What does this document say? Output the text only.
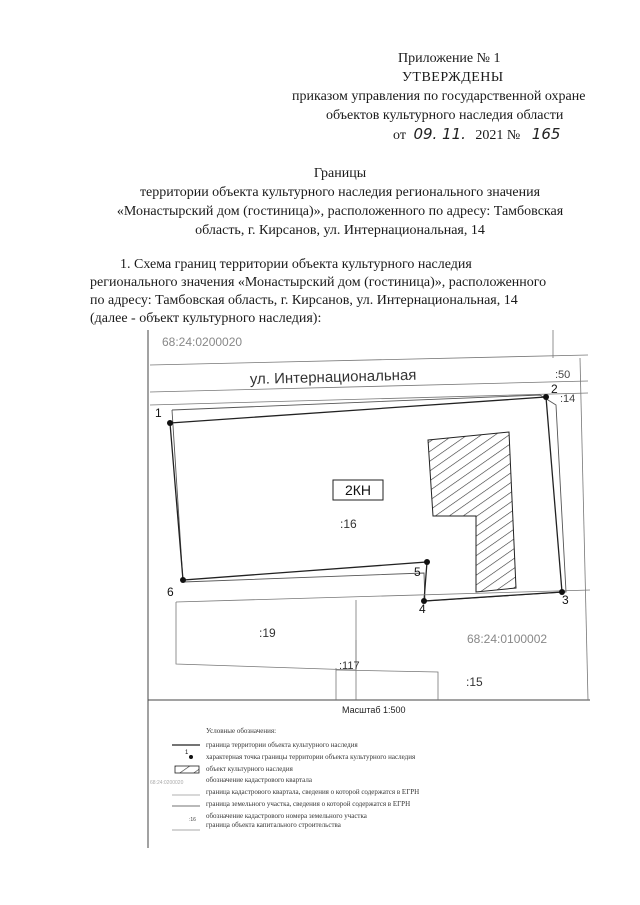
Приложение № 1
УТВЕРЖДЕНЫ
приказом управления по государственной охране
объектов культурного наследия области
от 09. 11. 2021 № 165
Границы
территории объекта культурного наследия регионального значения
«Монастырский дом (гостиница)», расположенного по адресу: Тамбовская
область, г. Кирсанов, ул. Интернациональная, 14
1. Схема границ территории объекта культурного наследия
регионального значения «Монастырский дом (гостиница)», расположенного
по адресу: Тамбовская область, г. Кирсанов, ул. Интернациональная, 14
(далее - объект культурного наследия):
2КН
68:24:0200020
ул. Интернациональная	:50
:14
:16
:19
:117
:15
68:24:0100002
1
2
3
4
5
6
Масштаб 1:500
1
68:24:0200020
:16
Условные обозначения:
граница территории объекта культурного наследия
характерная точка границы территории объекта культурного наследия
объект культурного наследия
обозначение кадастрового квартала
граница кадастрового квартала, сведения о которой содержатся в ЕГРН
граница земельного участка, сведения о которой содержатся в ЕГРН
обозначение кадастрового номера земельного участка
граница объекта капитального строительства
